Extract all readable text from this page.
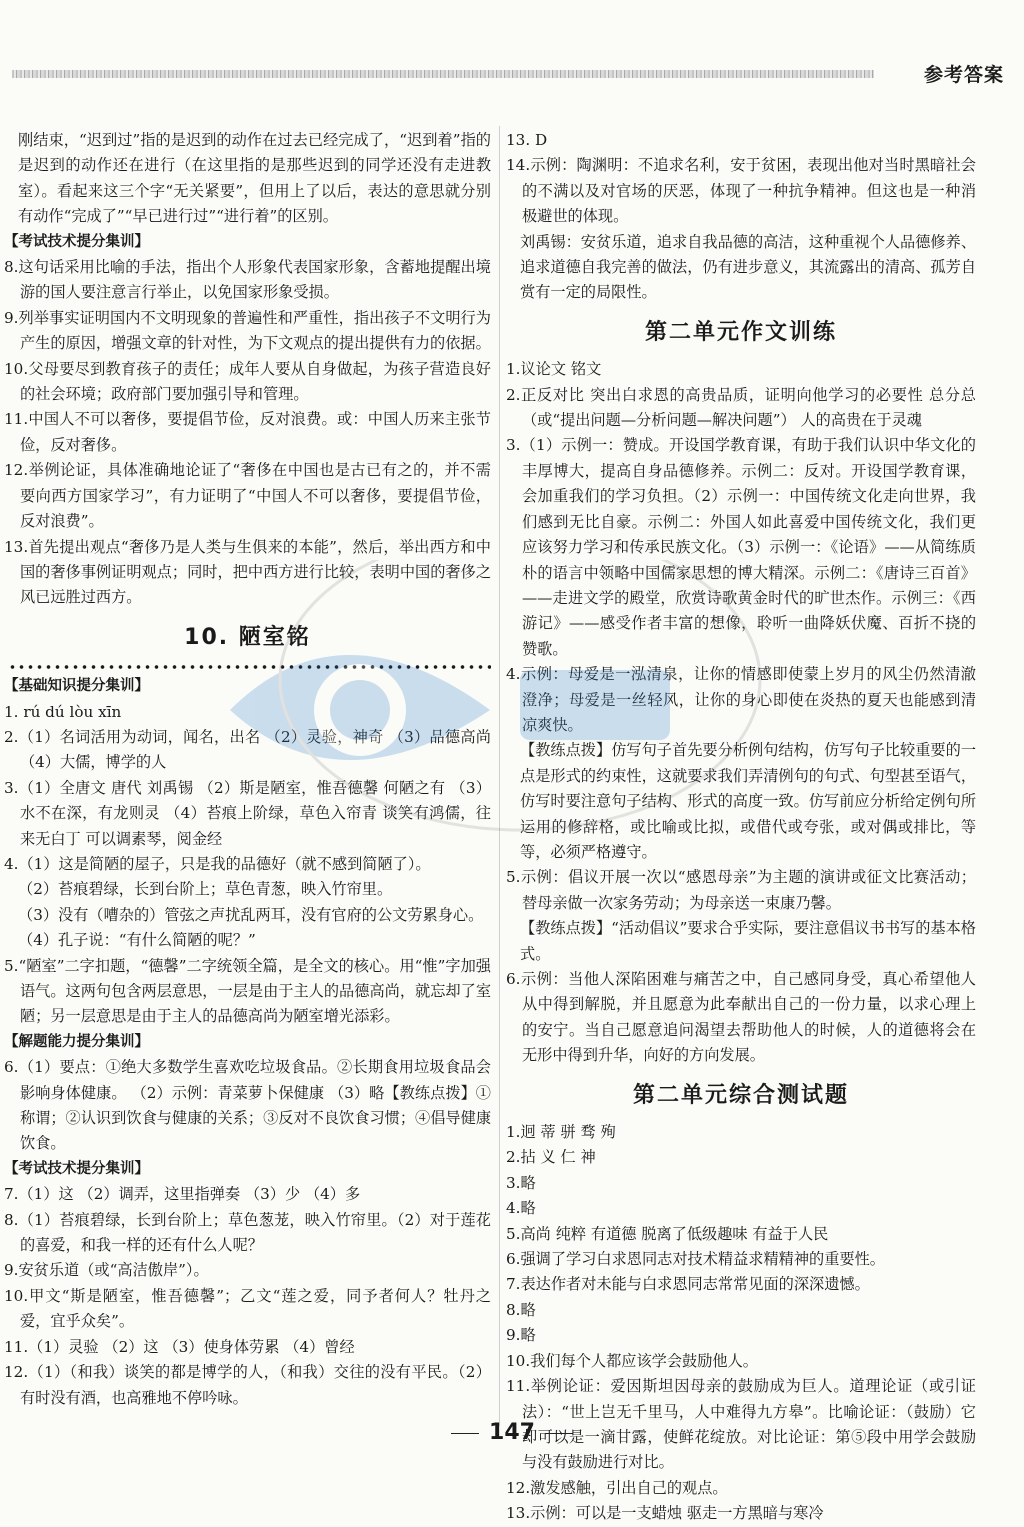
参考答案

刚结束，“迟到过”指的是迟到的动作在过去已经完成了，“迟到着”指的是迟到的动作还在进行（在这里指的是那些迟到的同学还没有走进教室）。看起来这三个字“无关紧要”，但用上了以后，表达的意思就分别有动作“完成了”“早已进行过”“进行着”的区别。

【考试技术提分集训】

8.这句话采用比喻的手法，指出个人形象代表国家形象，含蓄地提醒出境游的国人要注意言行举止，以免国家形象受损。

9.列举事实证明国内不文明现象的普遍性和严重性，指出孩子不文明行为产生的原因，增强文章的针对性，为下文观点的提出提供有力的依据。

10.父母要尽到教育孩子的责任；成年人要从自身做起，为孩子营造良好的社会环境；政府部门要加强引导和管理。

11.中国人不可以奢侈，要提倡节俭，反对浪费。或：中国人历来主张节俭，反对奢侈。

12.举例论证，具体准确地论证了“奢侈在中国也是古已有之的，并不需要向西方国家学习”，有力证明了“中国人不可以奢侈，要提倡节俭，反对浪费”。

13.首先提出观点“奢侈乃是人类与生俱来的本能”，然后，举出西方和中国的奢侈事例证明观点；同时，把中西方进行比较，表明中国的奢侈之风已远胜过西方。

10. 陋室铭

【基础知识提分集训】

1. rú dú lòu xīn

2.（1）名词活用为动词，闻名，出名 （2）灵验，神奇 （3）品德高尚 （4）大儒，博学的人

3.（1）全唐文 唐代 刘禹锡 （2）斯是陋室，惟吾德馨 何陋之有 （3）水不在深，有龙则灵 （4）苔痕上阶绿，草色入帘青 谈笑有鸿儒，往来无白丁 可以调素琴，阅金经

4.（1）这是简陋的屋子，只是我的品德好（就不感到简陋了）。

（2）苔痕碧绿，长到台阶上；草色青葱，映入竹帘里。

（3）没有（嘈杂的）管弦之声扰乱两耳，没有官府的公文劳累身心。

（4）孔子说：“有什么简陋的呢？”

5.“陋室”二字扣题，“德馨”二字统领全篇，是全文的核心。用“惟”字加强语气。这两句包含两层意思，一层是由于主人的品德高尚，就忘却了室陋；另一层意思是由于主人的品德高尚为陋室增光添彩。

【解题能力提分集训】

6.（1）要点：①绝大多数学生喜欢吃垃圾食品。②长期食用垃圾食品会影响身体健康。 （2）示例：青菜萝卜保健康 （3）略【教练点拨】①称谓；②认识到饮食与健康的关系；③反对不良饮食习惯；④倡导健康饮食。

【考试技术提分集训】

7.（1）这 （2）调弄，这里指弹奏 （3）少 （4）多

8.（1）苔痕碧绿，长到台阶上；草色葱茏，映入竹帘里。（2）对于莲花的喜爱，和我一样的还有什么人呢？

9.安贫乐道（或“高洁傲岸”）。

10.甲文“斯是陋室，惟吾德馨”；乙文“莲之爱，同予者何人？牡丹之爱，宜乎众矣”。

11.（1）灵验 （2）这 （3）使身体劳累 （4）曾经

12.（1）（和我）谈笑的都是博学的人，（和我）交往的没有平民。（2）有时没有酒，也高雅地不停吟咏。

13. D

14.示例：陶渊明：不追求名利，安于贫困，表现出他对当时黑暗社会的不满以及对官场的厌恶，体现了一种抗争精神。但这也是一种消极避世的体现。

刘禹锡：安贫乐道，追求自我品德的高洁，这种重视个人品德修养、追求道德自我完善的做法，仍有进步意义，其流露出的清高、孤芳自赏有一定的局限性。

第二单元作文训练

1.议论文 铭文

2.正反对比 突出白求恩的高贵品质，证明向他学习的必要性 总分总（或“提出问题—分析问题—解决问题”） 人的高贵在于灵魂

3.（1）示例一：赞成。开设国学教育课，有助于我们认识中华文化的丰厚博大，提高自身品德修养。示例二：反对。开设国学教育课，会加重我们的学习负担。（2）示例一：中国传统文化走向世界，我们感到无比自豪。示例二：外国人如此喜爱中国传统文化，我们更应该努力学习和传承民族文化。（3）示例一：《论语》——从简练质朴的语言中领略中国儒家思想的博大精深。示例二：《唐诗三百首》——走进文学的殿堂，欣赏诗歌黄金时代的旷世杰作。示例三：《西游记》——感受作者丰富的想像，聆听一曲降妖伏魔、百折不挠的赞歌。

4.示例：母爱是一泓清泉，让你的情感即使蒙上岁月的风尘仍然清澈澄净；母爱是一丝轻风，让你的身心即使在炎热的夏天也能感到清凉爽快。

【教练点拨】仿写句子首先要分析例句结构，仿写句子比较重要的一点是形式的约束性，这就要求我们弄清例句的句式、句型甚至语气，仿写时要注意句子结构、形式的高度一致。仿写前应分析给定例句所运用的修辞格，或比喻或比拟，或借代或夸张，或对偶或排比，等等，必须严格遵守。

5.示例：倡议开展一次以“感恩母亲”为主题的演讲或征文比赛活动；替母亲做一次家务劳动；为母亲送一束康乃馨。

【教练点拨】“活动倡议”要求合乎实际，要注意倡议书书写的基本格式。

6.示例：当他人深陷困难与痛苦之中，自己感同身受，真心希望他人从中得到解脱，并且愿意为此奉献出自己的一份力量，以求心理上的安宁。当自己愿意追问渴望去帮助他人的时候，人的道德将会在无形中得到升华，向好的方向发展。

第二单元综合测试题

1.迥 蒂 骈 骛 殉

2.拈 义 仁 神

3.略

4.略

5.高尚 纯粹 有道德 脱离了低级趣味 有益于人民

6.强调了学习白求恩同志对技术精益求精精神的重要性。

7.表达作者对未能与白求恩同志常常见面的深深遗憾。

8.略

9.略

10.我们每个人都应该学会鼓励他人。

11.举例论证：爱因斯坦因母亲的鼓励成为巨人。道理论证（或引证法）：“世上岂无千里马，人中难得九方皋”。比喻论证：（鼓励）它却可以是一滴甘露，使鲜花绽放。对比论证：第⑤段中用学会鼓励与没有鼓励进行对比。

12.激发感触，引出自己的观点。

13.示例：可以是一支蜡烛 驱走一方黑暗与寒冷

147
